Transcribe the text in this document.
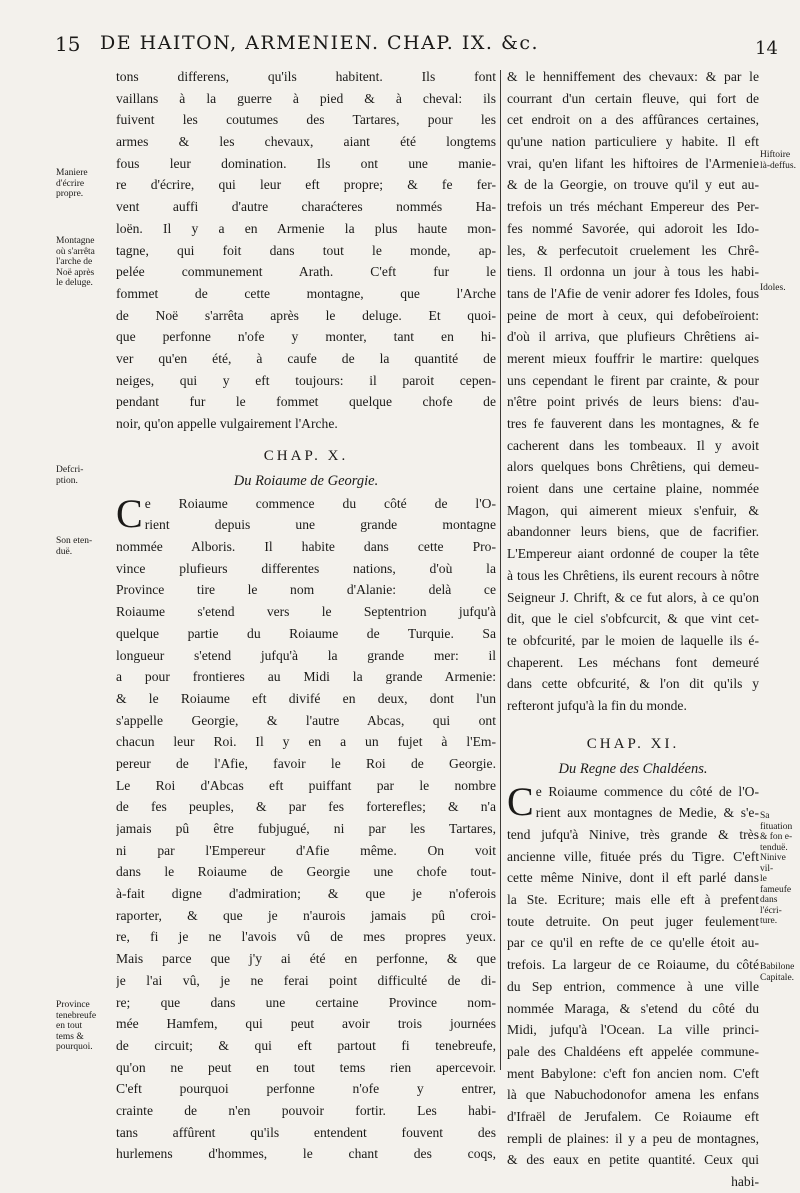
15 DE HAITON, ARMENIEN. CHAP. IX. &c.	14
Maniere
d'écrire
propre.
Montagne
où s'arrêta
l'arche de
Noë après
le deluge.
Defcri-
ption.
Son eten-
duë.
Province
tenebreufe
en tout
tems &
pourquoi.
Hiftoire
là-deffus.
Idoles.
Sa fituation
& fon e-
tenduë.
Ninive vil-
le fameufe
dans l'écri-
ture.
Babilone
Capitale.
tons differens, qu'ils habitent. Ils font
vaillans à la guerre à pied & à cheval: ils
fuivent les coutumes des Tartares, pour les
armes & les chevaux, aiant été longtems
fous leur domination. Ils ont une manie-
re d'écrire, qui leur eft propre; & fe fer-
vent auffi d'autre charaćteres nommés Ha-
loën. Il y a en Armenie la plus haute mon-
tagne, qui foit dans tout le monde, ap-
pelée communement Arath. C'eft fur le
fommet de cette montagne, que l'Arche
de Noë s'arrêta après le deluge. Et quoi-
que perfonne n'ofe y monter, tant en hi-
ver qu'en été, à caufe de la quantité de
neiges, qui y eft toujours: il paroit cepen-
pendant fur le fommet quelque chofe de
noir, qu'on appelle vulgairement l'Arche.
CHAP. X.
Du Roiaume de Georgie.
C e Roiaume commence du côté de l'O-
rient depuis une grande montagne
nommée Alboris. Il habite dans cette Pro-
vince plufieurs differentes nations, d'où la
Province tire le nom d'Alanie: delà ce
Roiaume s'etend vers le Septentrion jufqu'à
quelque partie du Roiaume de Turquie. Sa
longueur s'etend jufqu'à la grande mer: il
a pour frontieres au Midi la grande Armenie:
& le Roiaume eft divifé en deux, dont l'un
s'appelle Georgie, & l'autre Abcas, qui ont
chacun leur Roi. Il y en a un fujet à l'Em-
pereur de l'Afie, favoir le Roi de Georgie.
Le Roi d'Abcas eft puiffant par le nombre
de fes peuples, & par fes forterefles; & n'a
jamais pû être fubjugué, ni par les Tartares,
ni par l'Empereur d'Afie même. On voit
dans le Roiaume de Georgie une chofe tout-
à-fait digne d'admiration; & que je n'oferois
raporter, & que je n'aurois jamais pû croi-
re, fi je ne l'avois vû de mes propres yeux.
Mais parce que j'y ai été en perfonne, & que
je l'ai vû, je ne ferai point difficulté de di-
re; que dans une certaine Province nom-
mée Hamfem, qui peut avoir trois journées
de circuit; & qui eft partout fi tenebreufe,
qu'on ne peut en tout tems rien apercevoir.
C'eft pourquoi perfonne n'ofe y entrer,
crainte de n'en pouvoir fortir. Les habi-
tans affûrent qu'ils entendent fouvent des
hurlemens d'hommes, le chant des coqs,
& le henniffement des chevaux: & par le
courrant d'un certain fleuve, qui fort de
cet endroit on a des affûrances certaines,
qu'une nation particuliere y habite. Il eft
vrai, qu'en lifant les hiftoires de l'Armenie
& de la Georgie, on trouve qu'il y eut au-
trefois un trés méchant Empereur des Per-
fes nommé Savorée, qui adoroit les Ido-
les, & perfecutoit cruelement les Chrê-
tiens. Il ordonna un jour à tous les habi-
tans de l'Afie de venir adorer fes Idoles, fous
peine de mort à ceux, qui defobeïroient:
d'où il arriva, que plufieurs Chrêtiens ai-
merent mieux fouffrir le martire: quelques
uns cependant le firent par crainte, & pour
n'être point privés de leurs biens: d'au-
tres fe fauverent dans les montagnes, & fe
cacherent dans les tombeaux. Il y avoit
alors quelques bons Chrêtiens, qui demeu-
roient dans une certaine plaine, nommée
Magon, qui aimerent mieux s'enfuir, &
abandonner leurs biens, que de facrifier.
L'Empereur aiant ordonné de couper la tête
à tous les Chrêtiens, ils eurent recours à nôtre
Seigneur J. Chrift, & ce fut alors, à ce qu'on
dit, que le ciel s'obfcurcit, & que vint cet-
te obfcurité, par le moien de laquelle ils é-
chaperent. Les méchans font demeuré
dans cette obfcurité, & l'on dit qu'ils y
refteront jufqu'à la fin du monde.
CHAP. XI.
Du Regne des Chaldéens.
C e Roiaume commence du côté de l'O-
rient aux montagnes de Medie, & s'e-
tend jufqu'à Ninive, très grande & très
ancienne ville, fituée prés du Tigre. C'eft
cette même Ninive, dont il eft parlé dans
la Ste. Ecriture; mais elle eft à prefent
toute detruite. On peut juger feulement
par ce qu'il en refte de ce qu'elle étoit au-
trefois. La largeur de ce Roiaume, du côté
du Sep entrion, commence à une ville
nommée Maraga, & s'etend du côté du
Midi, jufqu'à l'Ocean. La ville princi-
pale des Chaldéens eft appelée commune-
ment Babylone: c'eft fon ancien nom. C'eft
là que Nabuchodonofor amena les enfans
d'Ifraël de Jerufalem. Ce Roiaume eft
rempli de plaines: il y a peu de montagnes,
& des eaux en petite quantité. Ceux qui
habi-
